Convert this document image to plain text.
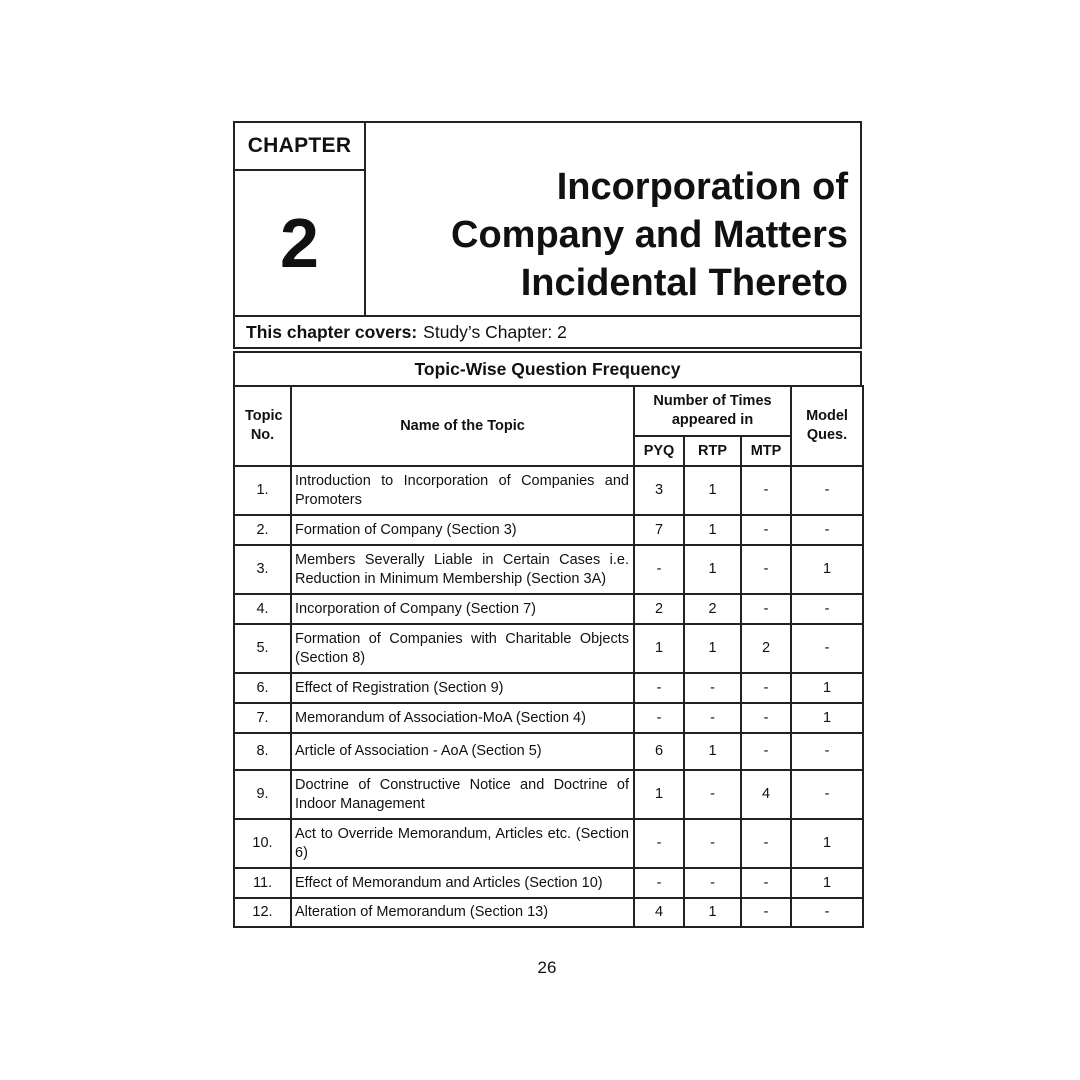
CHAPTER
2
Incorporation of
Company and Matters
Incidental Thereto
This chapter covers: Study’s Chapter: 2
Topic-Wise Question Frequency
Topic No.	Name of the Topic	Number of Times appeared in			Model Ques.
		PYQ	RTP	MTP	
1.	Introduction to Incorporation of Companies and Promoters	3	1	-	-
2.	Formation of Company (Section 3)	7	1	-	-
3.	Members Severally Liable in Certain Cases i.e. Reduction in Minimum Membership (Section 3A)	-	1	-	1
4.	Incorporation of Company (Section 7)	2	2	-	-
5.	Formation of Companies with Charitable Objects (Section 8)	1	1	2	-
6.	Effect of Registration (Section 9)	-	-	-	1
7.	Memorandum of Association-MoA (Section 4)	-	-	-	1
8.	Article of Association - AoA (Section 5)	6	1	-	-
9.	Doctrine of Constructive Notice and Doctrine of Indoor Management	1	-	4	-
10.	Act to Override Memorandum, Articles etc. (Section 6)	-	-	-	1
11.	Effect of Memorandum and Articles (Section 10)	-	-	-	1
12.	Alteration of Memorandum (Section 13)	4	1	-	-
26
